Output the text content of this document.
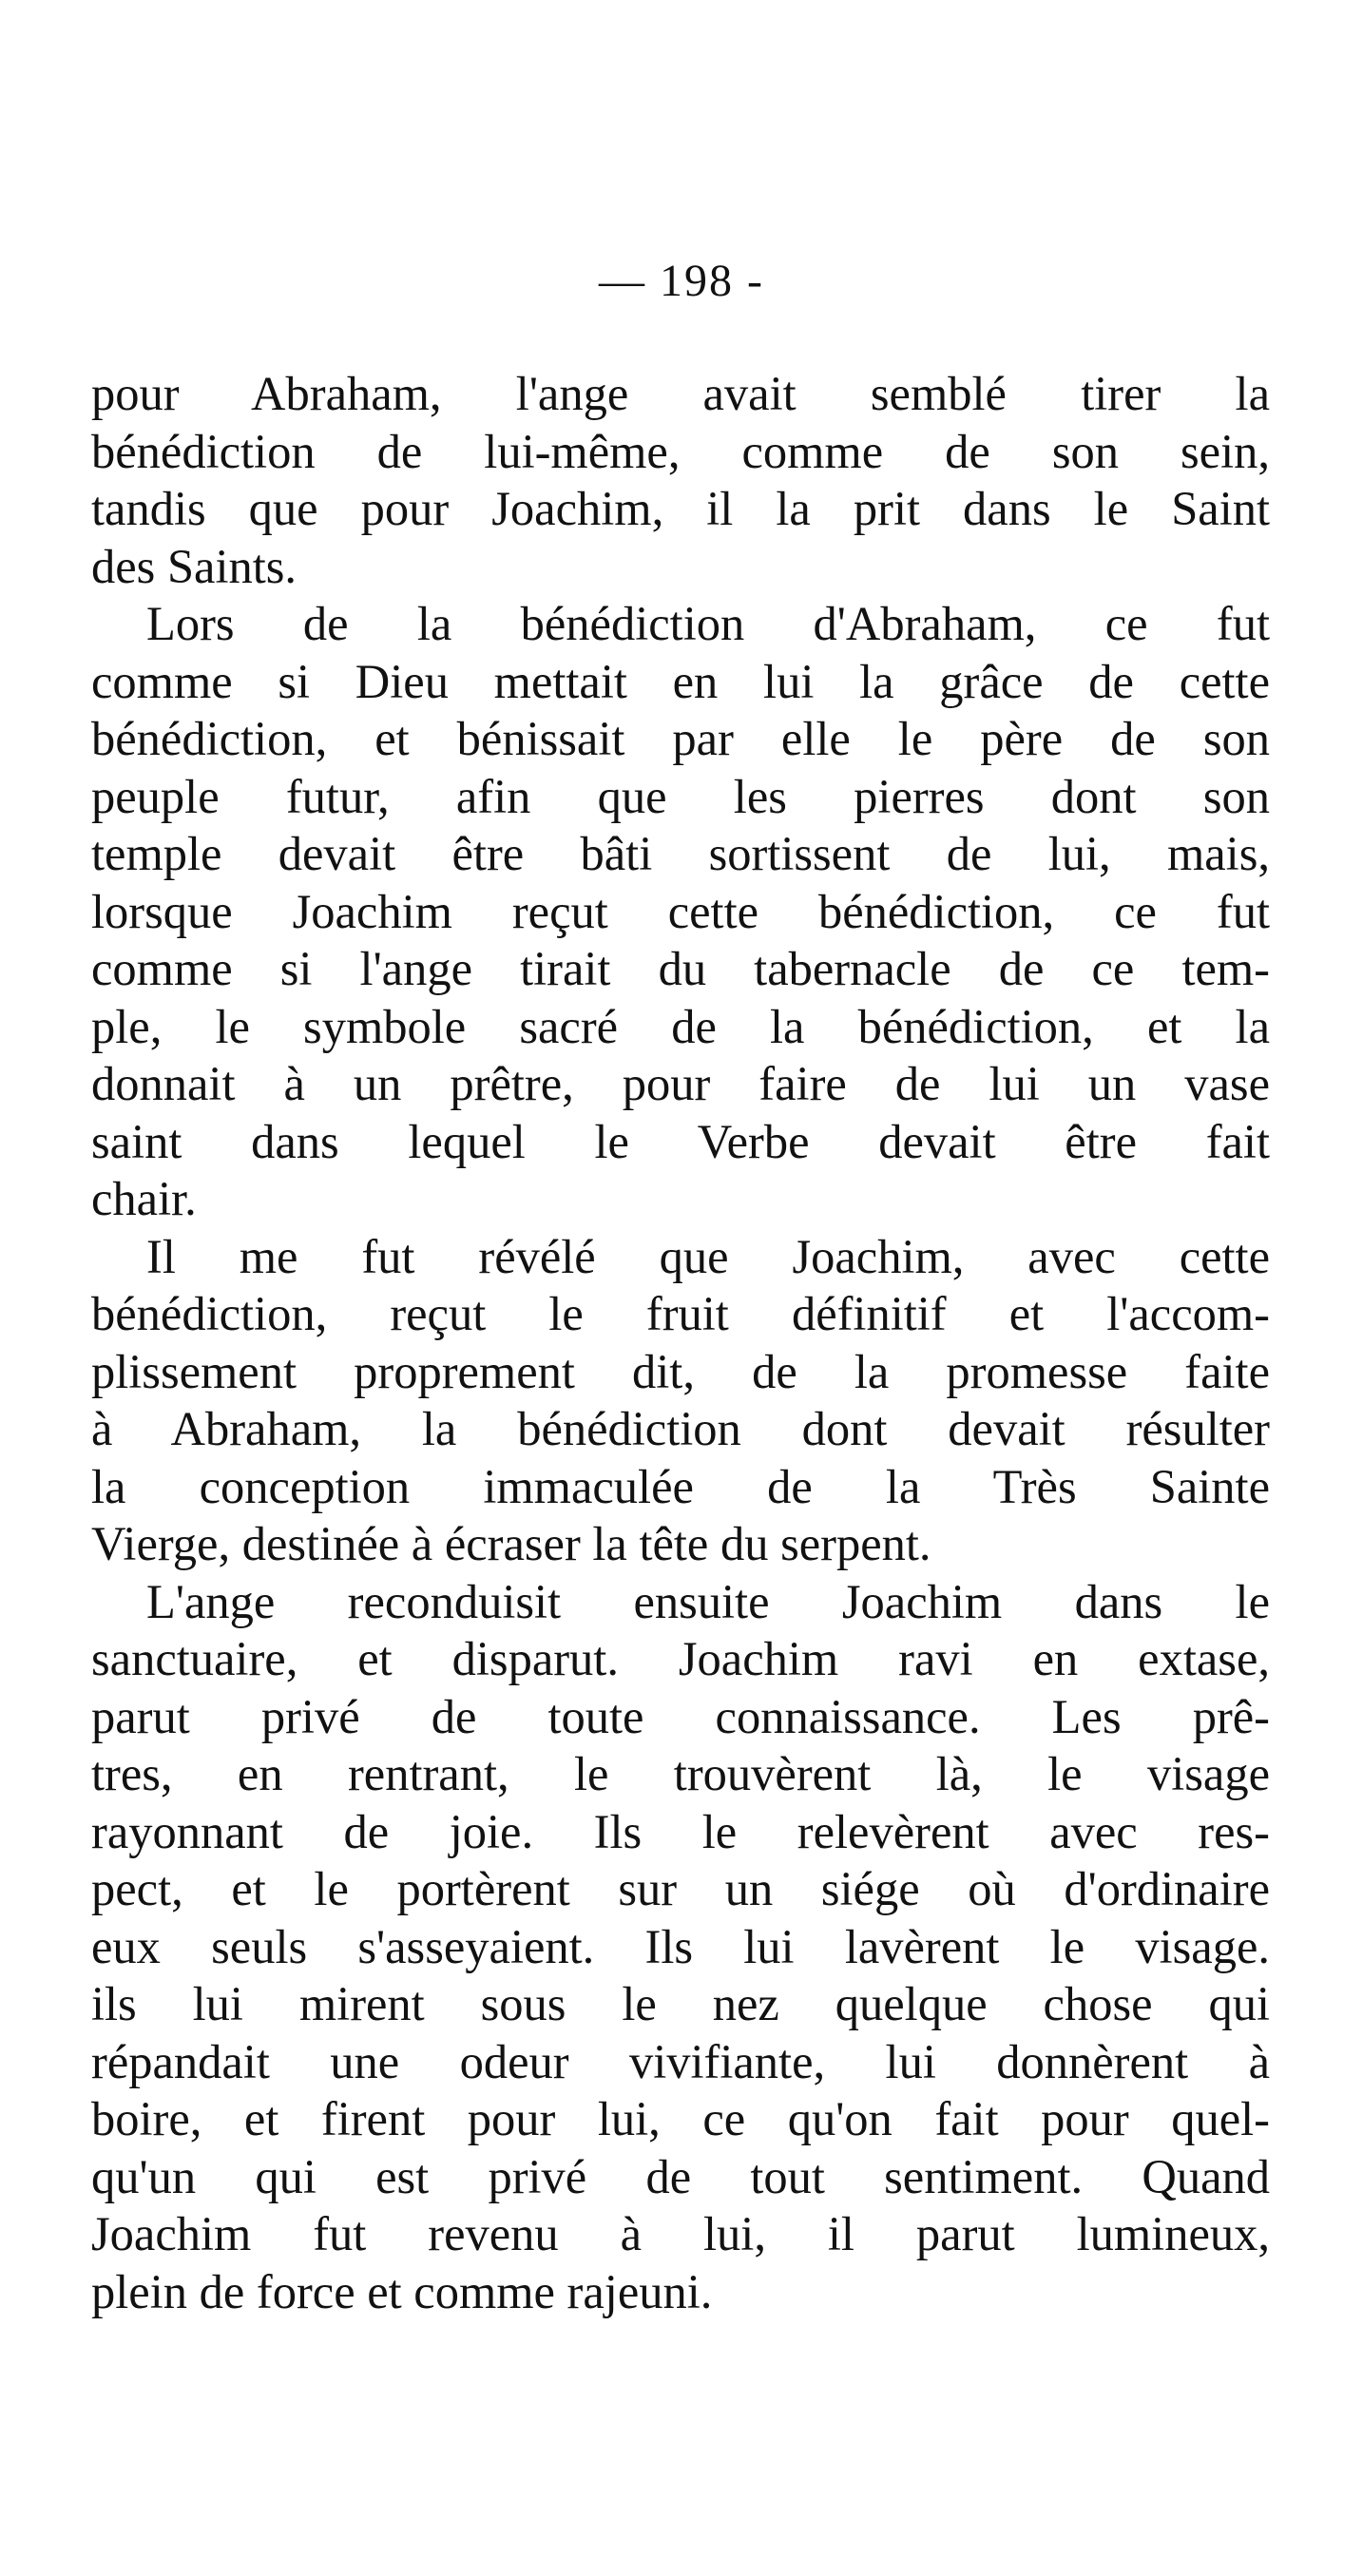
— 198 -
pour Abraham, l'ange avait semblé tirer la
bénédiction de lui-même, comme de son sein,
tandis que pour Joachim, il la prit dans le Saint
des Saints.
Lors de la bénédiction d'Abraham, ce fut
comme si Dieu mettait en lui la grâce de cette
bénédiction, et bénissait par elle le père de son
peuple futur, afin que les pierres dont son
temple devait être bâti sortissent de lui, mais,
lorsque Joachim reçut cette bénédiction, ce fut
comme si l'ange tirait du tabernacle de ce tem-
ple, le symbole sacré de la bénédiction, et la
donnait à un prêtre, pour faire de lui un vase
saint dans lequel le Verbe devait être fait
chair.
Il me fut révélé que Joachim, avec cette
bénédiction, reçut le fruit définitif et l'accom-
plissement proprement dit, de la promesse faite
à Abraham, la bénédiction dont devait résulter
la conception immaculée de la Très Sainte
Vierge, destinée à écraser la tête du serpent.
L'ange reconduisit ensuite Joachim dans le
sanctuaire, et disparut. Joachim ravi en extase,
parut privé de toute connaissance. Les prê-
tres, en rentrant, le trouvèrent là, le visage
rayonnant de joie. Ils le relevèrent avec res-
pect, et le portèrent sur un siége où d'ordinaire
eux seuls s'asseyaient. Ils lui lavèrent le visage.
ils lui mirent sous le nez quelque chose qui
répandait une odeur vivifiante, lui donnèrent à
boire, et firent pour lui, ce qu'on fait pour quel-
qu'un qui est privé de tout sentiment. Quand
Joachim fut revenu à lui, il parut lumineux,
plein de force et comme rajeuni.
